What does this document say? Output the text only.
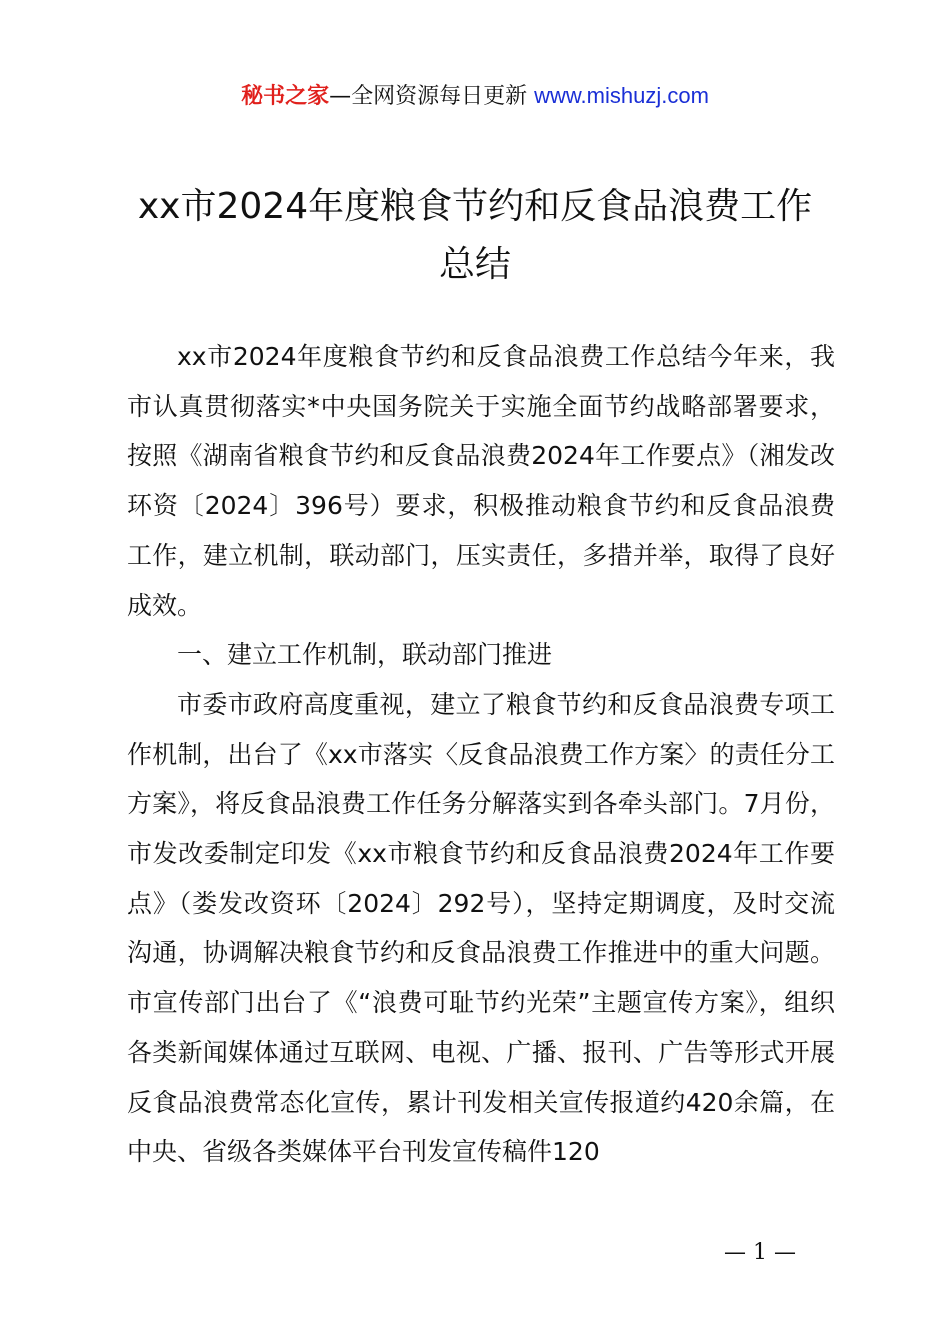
秘书之家—全网资源每日更新 www.mishuzj.com
xx市2024年度粮食节约和反食品浪费工作总结

xx市2024年度粮食节约和反食品浪费工作总结今年来，我市认真贯彻落实*中央国务院关于实施全面节约战略部署要求，按照《湖南省粮食节约和反食品浪费2024年工作要点》（湘发改环资〔2024〕396号）要求，积极推动粮食节约和反食品浪费工作，建立机制，联动部门，压实责任，多措并举，取得了良好成效。

一、建立工作机制，联动部门推进

市委市政府高度重视，建立了粮食节约和反食品浪费专项工作机制，出台了《xx市落实〈反食品浪费工作方案〉的责任分工方案》，将反食品浪费工作任务分解落实到各牵头部门。7月份，市发改委制定印发《xx市粮食节约和反食品浪费2024年工作要点》（娄发改资环〔2024〕292号），坚持定期调度，及时交流沟通，协调解决粮食节约和反食品浪费工作推进中的重大问题。市宣传部门出台了《“浪费可耻节约光荣”主题宣传方案》，组织各类新闻媒体通过互联网、电视、广播、报刊、广告等形式开展反食品浪费常态化宣传，累计刊发相关宣传报道约420余篇，在中央、省级各类媒体平台刊发宣传稿件120

— 1 —
